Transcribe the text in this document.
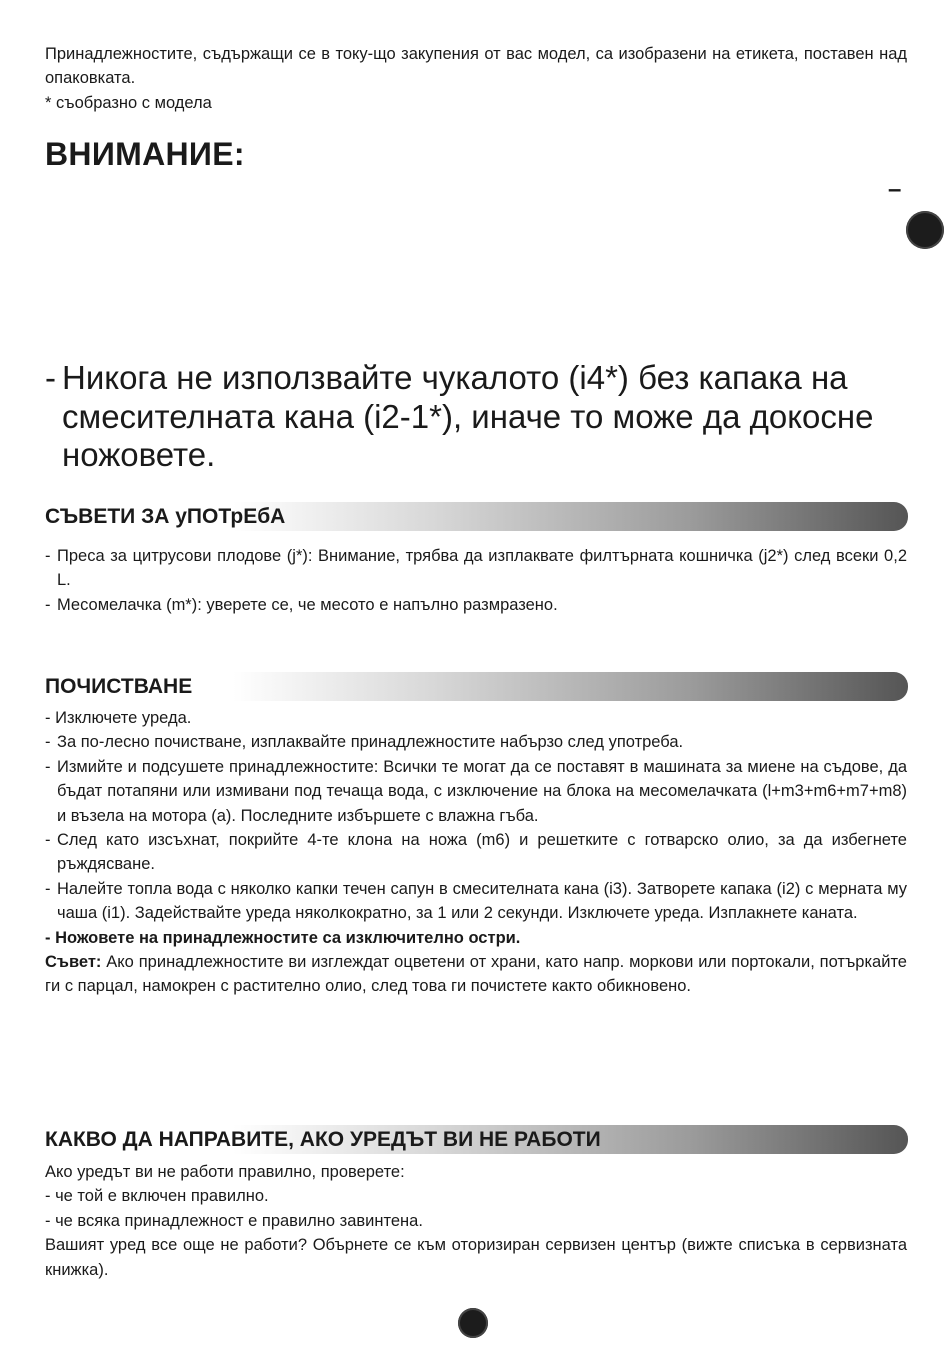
Принадлежностите, съдържащи се в току-що закупения от вас модел, са изобразени на етикета, поставен над опаковката.
* съобразно с модела
ВНИМАНИЕ:
–
- Никога не използвайте чукалото (i4*) без капака на смесителната кана (i2-1*), иначе то може да докосне ножовете.
СЪВЕТИ ЗА уПОТрЕбА
- Преса за цитрусови плодове (j*): Внимание, трябва да изплаквате филтърната кошничка (j2*) след всеки 0,2 L.
- Месомелачка (m*): уверете се, че месото е напълно размразено.
ПОЧИСТВАНЕ
- Изключете уреда.
- За по-лесно почистване, изплаквайте принадлежностите набързо след употреба.
- Измийте и подсушете принадлежностите: Всички те могат да се поставят в машината за миене на съдове, да бъдат потапяни или измивани под течаща вода, с изключение на блока на месомелачката (l+m3+m6+m7+m8) и възела на мотора (a). Последните избършете с влажна гъба.
- След като изсъхнат, покрийте 4-те клона на ножа (m6) и решетките с готварско олио, за да избегнете ръждясване.
- Налейте топла вода с няколко капки течен сапун в смесителната кана (i3). Затворете капака (i2) с мерната му чаша (i1). Задействайте уреда няколкократно, за 1 или 2 секунди. Изключете уреда. Изплакнете каната.
- Ножовете на принадлежностите са изключително остри.
Съвет: Ако принадлежностите ви изглеждат оцветени от храни, като напр. моркови или портокали, потъркайте ги с парцал, намокрен с растително олио, след това ги почистете както обикновено.
КАКВО ДА НАПРАВИТЕ, АКО УРЕДЪТ ВИ НЕ РАБОТИ
Ако уредът ви не работи правилно, проверете:
- че той е включен правилно.
- че всяка принадлежност е правилно завинтена.
Вашият уред все още не работи? Обърнете се към оторизиран сервизен център (вижте списъка в сервизната книжка).
